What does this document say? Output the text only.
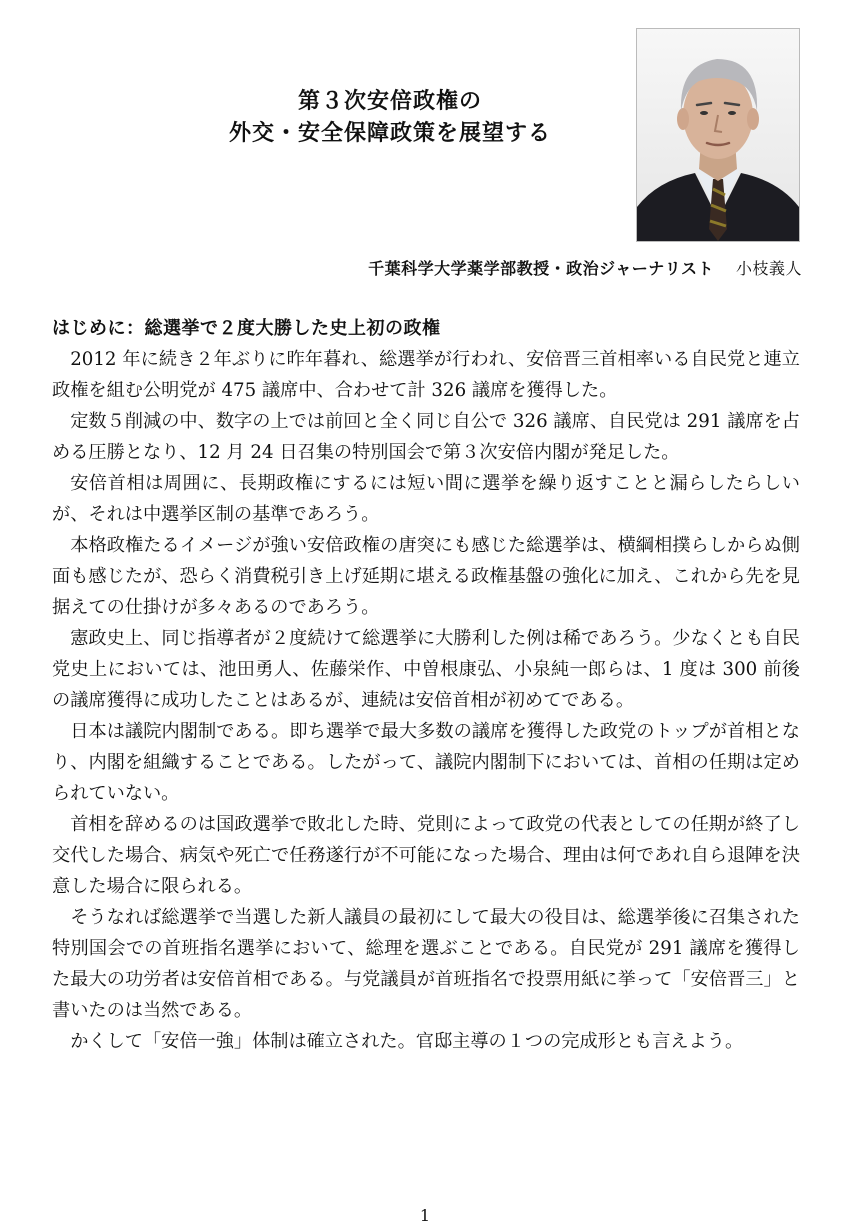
第３次安倍政権の
外交・安全保障政策を展望する
千葉科学大学薬学部教授・政治ジャーナリスト 小枝義人
はじめに：総選挙で２度大勝した史上初の政権

2012 年に続き２年ぶりに昨年暮れ、総選挙が行われ、安倍晋三首相率いる自民党と連立政権を組む公明党が 475 議席中、合わせて計 326 議席を獲得した。

定数５削減の中、数字の上では前回と全く同じ自公で 326 議席、自民党は 291 議席を占める圧勝となり、12 月 24 日召集の特別国会で第３次安倍内閣が発足した。

安倍首相は周囲に、長期政権にするには短い間に選挙を繰り返すことと漏らしたらしいが、それは中選挙区制の基準であろう。

本格政権たるイメージが強い安倍政権の唐突にも感じた総選挙は、横綱相撲らしからぬ側面も感じたが、恐らく消費税引き上げ延期に堪える政権基盤の強化に加え、これから先を見据えての仕掛けが多々あるのであろう。

憲政史上、同じ指導者が２度続けて総選挙に大勝利した例は稀であろう。少なくとも自民党史上においては、池田勇人、佐藤栄作、中曽根康弘、小泉純一郎らは、1 度は 300 前後の議席獲得に成功したことはあるが、連続は安倍首相が初めてである。

日本は議院内閣制である。即ち選挙で最大多数の議席を獲得した政党のトップが首相となり、内閣を組織することである。したがって、議院内閣制下においては、首相の任期は定められていない。

首相を辞めるのは国政選挙で敗北した時、党則によって政党の代表としての任期が終了し交代した場合、病気や死亡で任務遂行が不可能になった場合、理由は何であれ自ら退陣を決意した場合に限られる。

そうなれば総選挙で当選した新人議員の最初にして最大の役目は、総選挙後に召集された特別国会での首班指名選挙において、総理を選ぶことである。自民党が 291 議席を獲得した最大の功労者は安倍首相である。与党議員が首班指名で投票用紙に挙って「安倍晋三」と書いたのは当然である。

かくして「安倍一強」体制は確立された。官邸主導の１つの完成形とも言えよう。

1
